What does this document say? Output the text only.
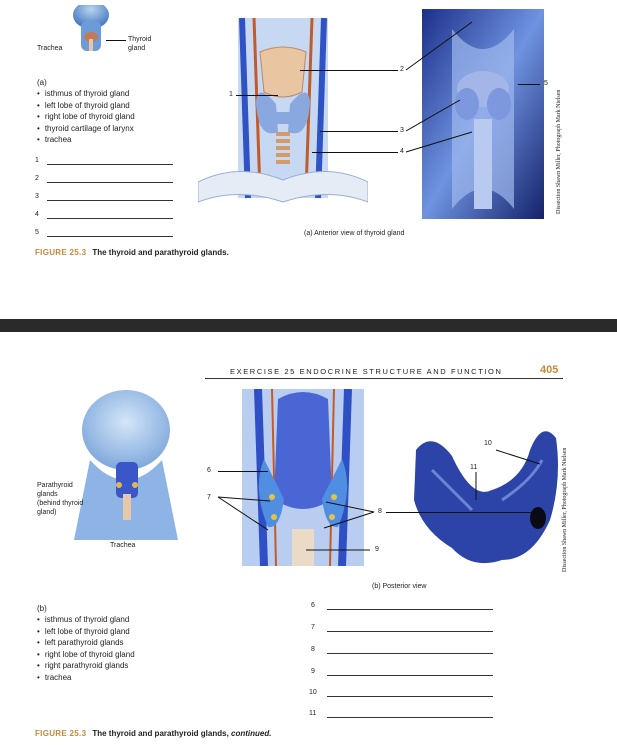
Thyroid
gland
Trachea
(a)
• isthmus of thyroid gland
• left lobe of thyroid gland
• right lobe of thyroid gland
• thyroid cartilage of larynx
• trachea
1
2
3
4
5
1
2
3
4
5
(a) Anterior view of thyroid gland
Dissection Shawn Miller, Photograph Mark Nielsen
FIGURE 25.3 The thyroid and parathyroid glands.
EXERCISE 25 ENDOCRINE STRUCTURE AND FUNCTION	405
Parathyroid
glands
(behind thyroid
gland)
Trachea
6
7
8
9
10
11
(b) Posterior view
Dissection Shawn Miller, Photograph Mark Nielsen
(b)
• isthmus of thyroid gland
• left lobe of thyroid gland
• left parathyroid glands
• right lobe of thyroid gland
• right parathyroid glands
• trachea
6
7
8
9
10
11
FIGURE 25.3 The thyroid and parathyroid glands, continued.
